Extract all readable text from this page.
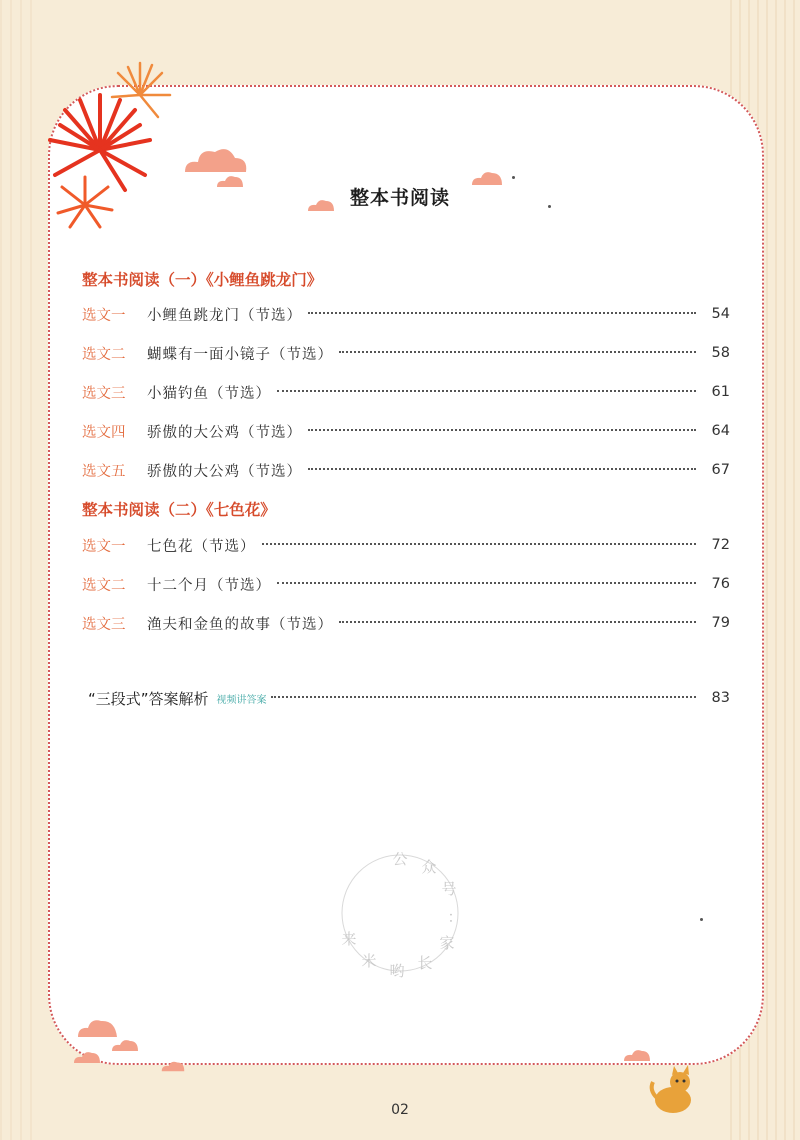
整本书阅读
整本书阅读（一）《小鲤鱼跳龙门》
选文一	小鲤鱼跳龙门（节选）	54
选文二	蝴蝶有一面小镜子（节选）	58
选文三	小猫钓鱼（节选）	61
选文四	骄傲的大公鸡（节选）	64
选文五	骄傲的大公鸡（节选）	67
整本书阅读（二）《七色花》
选文一	七色花（节选）	72
选文二	十二个月（节选）	76
选文三	渔夫和金鱼的故事（节选）	79
“三段式”答案解析 视频讲答案	83
公 众
号
：
家
长
哟
米
来
02
